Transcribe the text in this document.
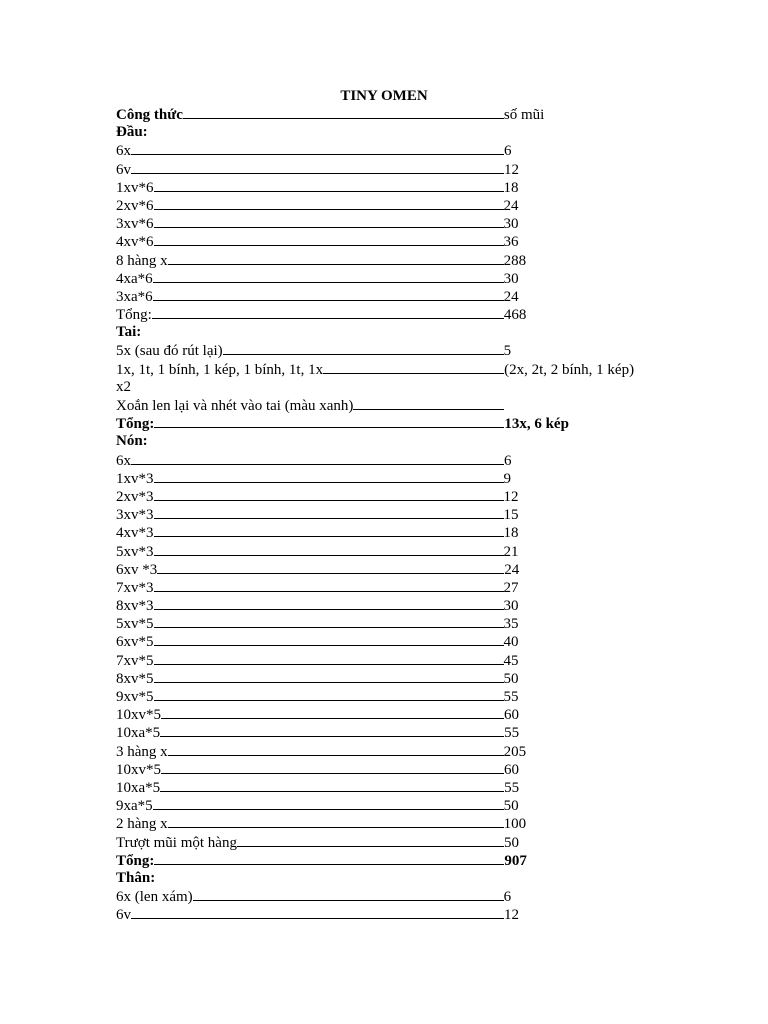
TINY OMEN
Công thức	số mũi
Đầu:
6x	6
6v	12
1xv*6	18
2xv*6	24
3xv*6	30
4xv*6	36
8 hàng x	288
4xa*6	30
3xa*6	24
Tổng:	468
Tai:
5x (sau đó rút lại)	5
1x, 1t, 1 bính, 1 kép, 1 bính, 1t, 1x	(2x, 2t, 2 bính, 1 kép)
x2
Xoắn len lại và nhét vào tai (màu xanh)
Tổng:	13x, 6 kép
Nón:
6x	6
1xv*3	9
2xv*3	12
3xv*3	15
4xv*3	18
5xv*3	21
6xv *3	24
7xv*3	27
8xv*3	30
5xv*5	35
6xv*5	40
7xv*5	45
8xv*5	50
9xv*5	55
10xv*5	60
10xa*5	55
3 hàng x	205
10xv*5	60
10xa*5	55
9xa*5	50
2 hàng x	100
Trượt mũi một hàng	50
Tổng:	907
Thân:
6x (len xám)	6
6v	12
